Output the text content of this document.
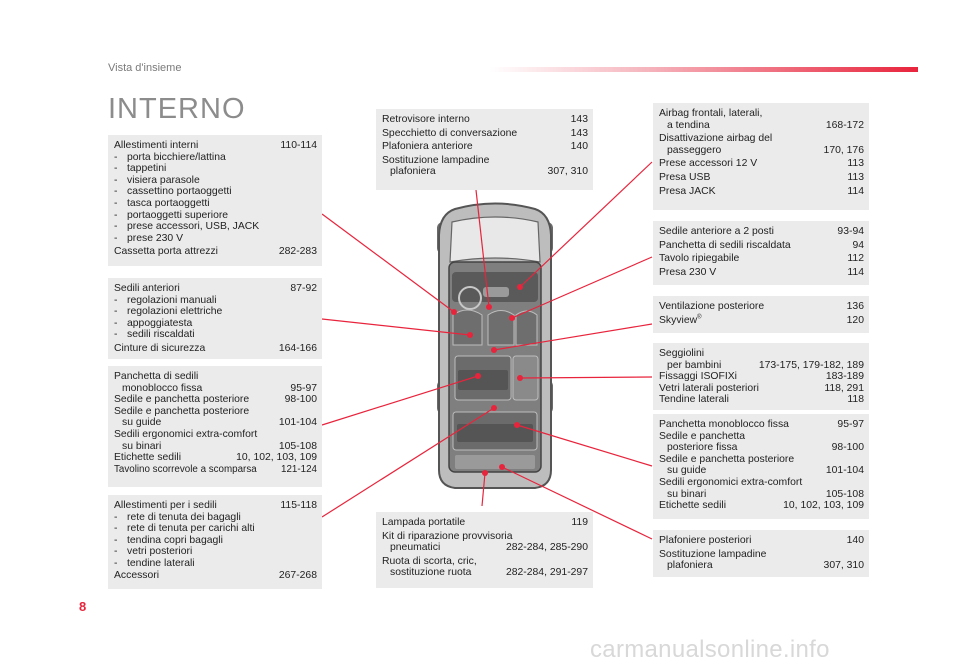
Vista d'insieme
INTERNO
Allestimenti interni	110-114
- porta bicchiere/lattina
- tappetini
- visiera parasole
- cassettino portaoggetti
- tasca portaoggetti
- portaoggetti superiore
- prese accessori, USB, JACK
- prese 230 V
Cassetta porta attrezzi	282-283
Sedili anteriori	87-92
- regolazioni manuali
- regolazioni elettriche
- appoggiatesta
- sedili riscaldati
Cinture di sicurezza	164-166
Panchetta di sedili
monoblocco fissa	95-97
Sedile e panchetta posteriore	98-100
Sedile e panchetta posteriore
su guide	101-104
Sedili ergonomici extra-comfort
su binari	105-108
Etichette sedili	10, 102, 103, 109
Tavolino scorrevole a scomparsa	121-124
Allestimenti per i sedili	115-118
- rete di tenuta dei bagagli
- rete di tenuta per carichi alti
- tendina copri bagagli
- vetri posteriori
- tendine laterali
Accessori	267-268
Retrovisore interno	143
Specchietto di conversazione	143
Plafoniera anteriore	140
Sostituzione lampadine
plafoniera	307, 310
Lampada portatile	119
Kit di riparazione provvisoria
pneumatici	282-284, 285-290
Ruota di scorta, cric,
sostituzione ruota	282-284, 291-297
Airbag frontali, laterali,
a tendina	168-172
Disattivazione airbag del
passeggero	170, 176
Prese accessori 12 V	113
Presa USB	113
Presa JACK	114
Sedile anteriore a 2 posti	93-94
Panchetta di sedili riscaldata	94
Tavolo ripiegabile	112
Presa 230 V	114
Ventilazione posteriore	136
Skyview®	120
Seggiolini
per bambini	173-175, 179-182, 189
Fissaggi ISOFIXi	183-189
Vetri laterali posteriori	118, 291
Tendine laterali	118
Panchetta monoblocco fissa	95-97
Sedile e panchetta
posteriore fissa	98-100
Sedile e panchetta posteriore
su guide	101-104
Sedili ergonomici extra-comfort
su binari	105-108
Etichette sedili	10, 102, 103, 109
Plafoniere posteriori	140
Sostituzione lampadine
plafoniera	307, 310
8
carmanualsonline.info
